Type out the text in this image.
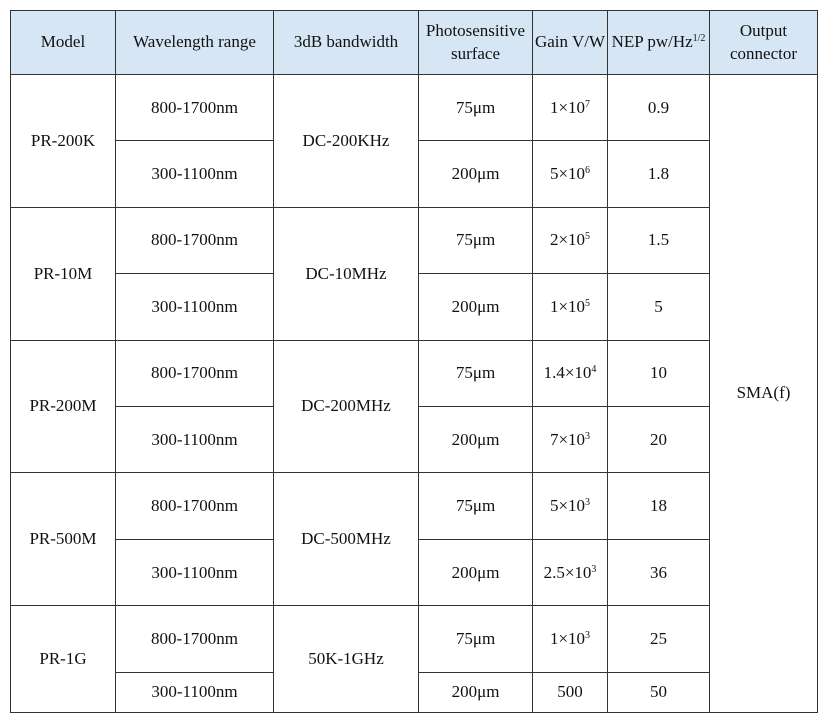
Model	Wavelength range	3dB bandwidth	Photosensitive surface	Gain V/W	NEP $pw/Hz^{1/2}$	Output connector
PR-200K	800-1700nm	DC-200KHz	75μm	$1\times 10^7$	0.9	SMA(f)
	300-1100nm		200μm	$5\times 10^6$	1.8	
PR-10M	800-1700nm	DC-10MHz	75μm	$2\times 10^5$	1.5	
	300-1100nm		200μm	$1\times 10^5$	5	
PR-200M	800-1700nm	DC-200MHz	75μm	$1.4\times 10^4$	10	
	300-1100nm		200μm	$7\times 10^3$	20	
PR-500M	800-1700nm	DC-500MHz	75μm	$5\times 10^3$	18	
	300-1100nm		200μm	$2.5\times 10^3$	36	
PR-1G	800-1700nm	50K-1GHz	75μm	$1\times 10^3$	25	
	300-1100nm		200μm	500	50	
